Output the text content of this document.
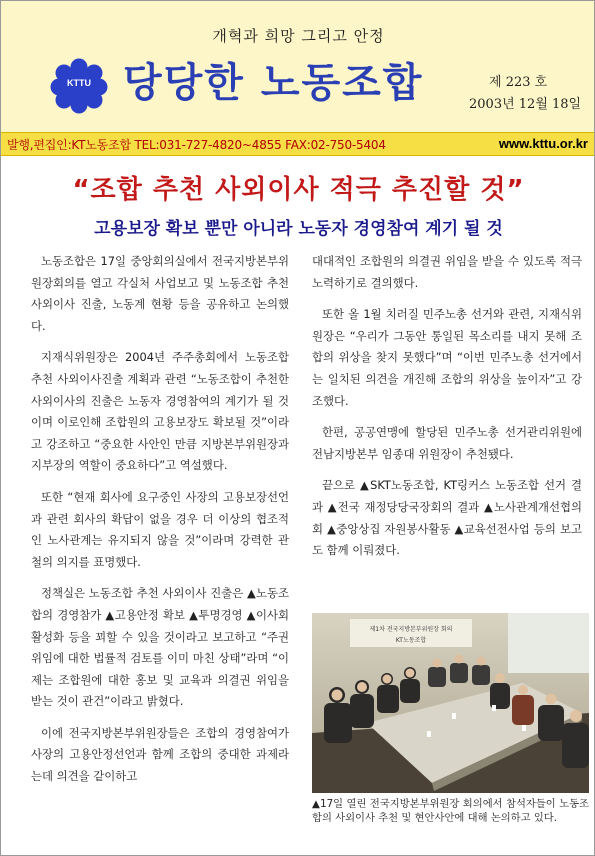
개혁과 희망 그리고 안정
KTTU 당당한 노동조합	제 223 호
2003년 12월 18일
발행,편집인:KT노동조합 TEL:031-727-4820~4855 FAX:02-750-5404	www.kttu.or.kr
“조합 추천 사외이사 적극 추진할 것”
고용보장 확보 뿐만 아니라 노동자 경영참여 계기 될 것

노동조합은 17일 중앙회의실에서 전국지방본부위원장회의를 열고 각실처 사업보고 및 노동조합 추천 사외이사 진출, 노동계 현황 등을 공유하고 논의했다.

지재식위원장은 2004년 주주총회에서 노동조합 추천 사외이사진출 계획과 관련 “노동조합이 추천한 사외이사의 진출은 노동자 경영참여의 계기가 될 것이며 이로인해 조합원의 고용보장도 확보될 것”이라고 강조하고 “중요한 사안인 만큼 지방본부위원장과 지부장의 역할이 중요하다”고 역설했다.

또한 “현재 회사에 요구중인 사장의 고용보장선언과 관련 회사의 확답이 없을 경우 더 이상의 협조적인 노사관계는 유지되지 않을 것”이라며 강력한 관철의 의지를 표명했다.

정책실은 노동조합 추천 사외이사 진출은 ▲노동조합의 경영참가 ▲고용안정 확보 ▲투명경영 ▲이사회활성화 등을 꾀할 수 있을 것이라고 보고하고 “주권 위임에 대한 법률적 검토를 이미 마친 상태”라며 “이제는 조합원에 대한 홍보 및 교육과 의결권 위임을 받는 것이 관건”이라고 밝혔다.

이에 전국지방본부위원장들은 조합의 경영참여가 사장의 고용안정선언과 함께 조합의 중대한 과제라는데 의견을 같이하고

대대적인 조합원의 의결권 위임을 받을 수 있도록 적극 노력하기로 결의했다.

또한 올 1월 치러질 민주노총 선거와 관련, 지재식위원장은 “우리가 그동안 통일된 목소리를 내지 못해 조합의 위상을 찾지 못했다”며 “이번 민주노총 선거에서는 일치된 의견을 개진해 조합의 위상을 높이자”고 강조했다.

한편, 공공연맹에 할당된 민주노총 선거관리위원에 전남지방본부 임종대 위원장이 추천됐다.

끝으로 ▲SKT노동조합, KT링커스 노동조합 선거 결과 ▲전국 재정당당국장회의 결과 ▲노사관계개선협의회 ▲중앙상집 자원봉사활동 ▲교육선전사업 등의 보고도 함께 이뤄졌다.

제1차 전국지방본부위원장 회의
KT노동조합
▲17일 열린 전국지방본부위원장 회의에서 참석자들이 노동조합의 사외이사 추천 및 현안사안에 대해 논의하고 있다.
